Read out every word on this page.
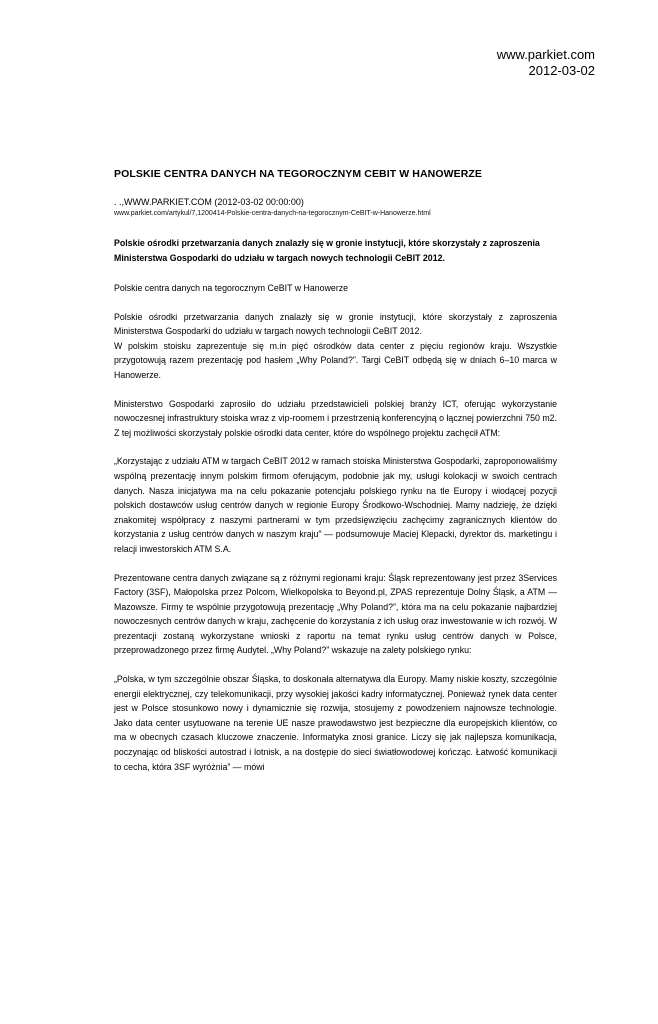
www.parkiet.com
2012-03-02
POLSKIE CENTRA DANYCH NA TEGOROCZNYM CEBIT W HANOWERZE
. .,WWW.PARKIET.COM (2012-03-02 00:00:00)
www.parkiet.com/artykul/7,1200414-Polskie-centra-danych-na-tegorocznym-CeBIT-w-Hanowerze.html
Polskie ośrodki przetwarzania danych znalazły się w gronie instytucji, które skorzystały z zaproszenia Ministerstwa Gospodarki do udziału w targach nowych technologii CeBIT 2012.
Polskie centra danych na tegorocznym CeBIT w Hanowerze
Polskie ośrodki przetwarzania danych znalazły się w gronie instytucji, które skorzystały z zaproszenia Ministerstwa Gospodarki do udziału w targach nowych technologii CeBIT 2012.
W polskim stoisku zaprezentuje się m.in pięć ośrodków data center z pięciu regionów kraju. Wszystkie przygotowują razem prezentację pod hasłem „Why Poland?”. Targi CeBIT odbędą się w dniach 6–10 marca w Hanowerze.
Ministerstwo Gospodarki zaprosiło do udziału przedstawicieli polskiej branży ICT, oferując wykorzystanie nowoczesnej infrastruktury stoiska wraz z vip-roomem i przestrzenią konferencyjną o łącznej powierzchni 750 m2. Z tej możliwości skorzystały polskie ośrodki data center, które do wspólnego projektu zachęcił ATM:
„Korzystając z udziału ATM w targach CeBIT 2012 w ramach stoiska Ministerstwa Gospodarki, zaproponowaliśmy wspólną prezentację innym polskim firmom oferującym, podobnie jak my, usługi kolokacji w swoich centrach danych. Nasza inicjatywa ma na celu pokazanie potencjału polskiego rynku na tle Europy i wiodącej pozycji polskich dostawców usług centrów danych w regionie Europy Środkowo-Wschodniej. Mamy nadzieję, że dzięki znakomitej współpracy z naszymi partnerami w tym przedsięwzięciu zachęcimy zagranicznych klientów do korzystania z usług centrów danych w naszym kraju” — podsumowuje Maciej Klepacki, dyrektor ds. marketingu i relacji inwestorskich ATM S.A.
Prezentowane centra danych związane są z różnymi regionami kraju: Śląsk reprezentowany jest przez 3Services Factory (3SF), Małopolska przez Polcom, Wielkopolska to Beyond.pl, ZPAS reprezentuje Dolny Śląsk, a ATM — Mazowsze. Firmy te wspólnie przygotowują prezentację „Why Poland?”, która ma na celu pokazanie najbardziej nowoczesnych centrów danych w kraju, zachęcenie do korzystania z ich usług oraz inwestowanie w ich rozwój. W prezentacji zostaną wykorzystane wnioski z raportu na temat rynku usług centrów danych w Polsce, przeprowadzonego przez firmę Audytel. „Why Poland?” wskazuje na zalety polskiego rynku:
„Polska, w tym szczególnie obszar Śląska, to doskonała alternatywa dla Europy. Mamy niskie koszty, szczególnie energii elektrycznej, czy telekomunikacji, przy wysokiej jakości kadry informatycznej. Ponieważ rynek data center jest w Polsce stosunkowo nowy i dynamicznie się rozwija, stosujemy z powodzeniem najnowsze technologie. Jako data center usytuowane na terenie UE nasze prawodawstwo jest bezpieczne dla europejskich klientów, co ma w obecnych czasach kluczowe znaczenie. Informatyka znosi granice. Liczy się jak najlepsza komunikacja, poczynając od bliskości autostrad i lotnisk, a na dostępie do sieci światłowodowej kończąc. Łatwość komunikacji to cecha, która 3SF wyróżnia” — mówi
